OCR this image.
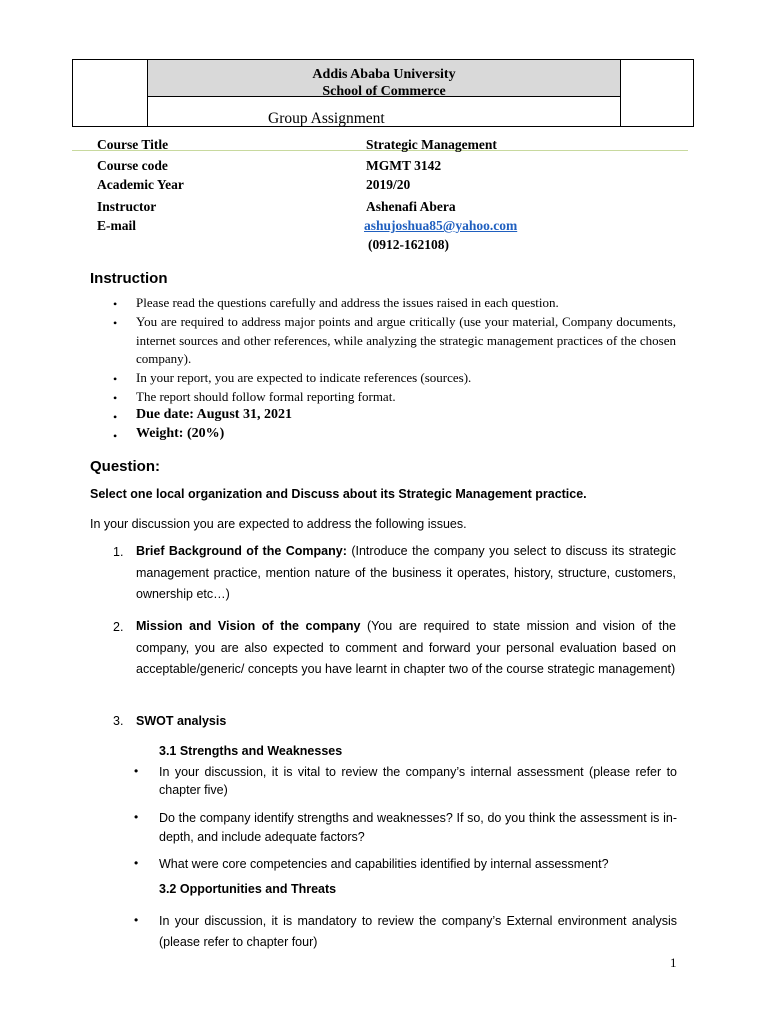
Addis Ababa University
School of Commerce
Group Assignment
Course Title	Strategic Management
Course code	MGMT 3142
Academic Year	2019/20
Instructor	Ashenafi Abera
E-mail	ashujoshua85@yahoo.com
(0912-162108)
Instruction
• Please read the questions carefully and address the issues raised in each question.
• You are required to address major points and argue critically (use your material, Company documents, internet sources and other references, while analyzing the strategic management practices of the chosen company).
• In your report, you are expected to indicate references (sources).
• The report should follow formal reporting format.
• Due date: August 31, 2021
• Weight: (20%)
Question:
Select one local organization and Discuss about its Strategic Management practice.
In your discussion you are expected to address the following issues.
1. Brief Background of the Company: (Introduce the company you select to discuss its strategic management practice, mention nature of the business it operates, history, structure, customers, ownership etc…)
2. Mission and Vision of the company (You are required to state mission and vision of the company, you are also expected to comment and forward your personal evaluation based on acceptable/generic/ concepts you have learnt in chapter two of the course strategic management)
3. SWOT analysis
3.1 Strengths and Weaknesses
• In your discussion, it is vital to review the company’s internal assessment (please refer to chapter five)
• Do the company identify strengths and weaknesses? If so, do you think the assessment is in-depth, and include adequate factors?
• What were core competencies and capabilities identified by internal assessment?
3.2 Opportunities and Threats
• In your discussion, it is mandatory to review the company’s External environment analysis (please refer to chapter four)
1
